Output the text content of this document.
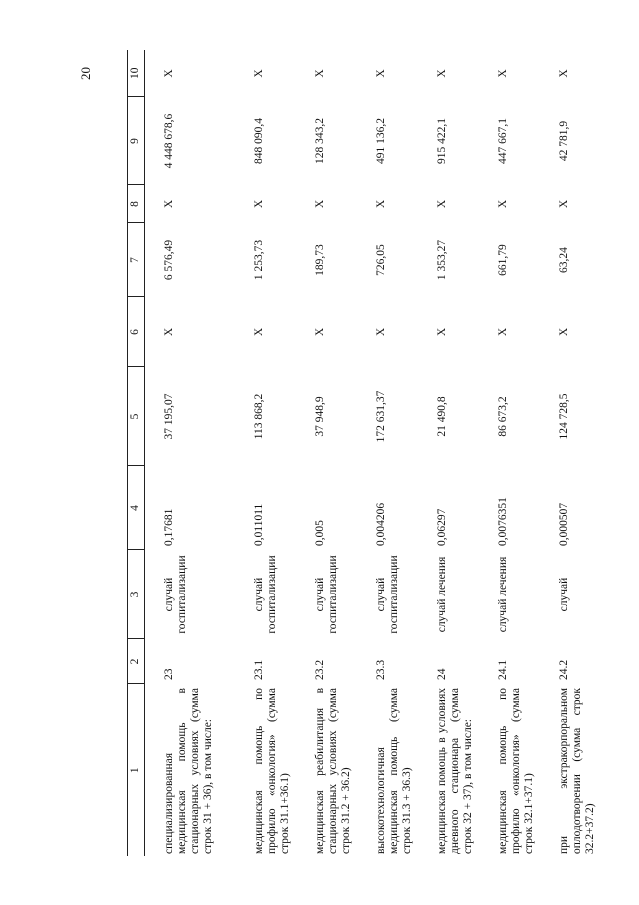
20
1	2	3	4	5	6	7	8	9	10
специализированная медицинская помощь в стационарных условиях (сумма строк 31 + 36), в том числе:	23	случай госпитализации	0,17681	37 195,07	X	6 576,49	X	4 448 678,6	X
медицинская помощь по профилю «онкология» (сумма строк 31.1+36.1)	23.1	случай госпитализации	0,011011	113 868,2	X	1 253,73	X	848 090,4	X
медицинская реабилитация в стационарных условиях (сумма строк 31.2 + 36.2)	23.2	случай госпитализации	0,005	37 948,9	X	189,73	X	128 343,2	X
высокотехнологичная медицинская помощь (сумма строк 31.3 + 36.3)	23.3	случай госпитализации	0,004206	172 631,37	X	726,05	X	491 136,2	X
медицинская помощь в условиях дневного стационара (сумма строк 32 + 37), в том числе:	24	случай лечения	0,06297	21 490,8	X	1 353,27	X	915 422,1	X
медицинская помощь по профилю «онкология» (сумма строк 32.1+37.1)	24.1	случай лечения	0,0076351	86 673,2	X	661,79	X	447 667,1	X
при экстракорпоральном оплодотворении (сумма строк 32.2+37.2)	24.2	случай	0,000507	124 728,5	X	63,24	X	42 781,9	X
